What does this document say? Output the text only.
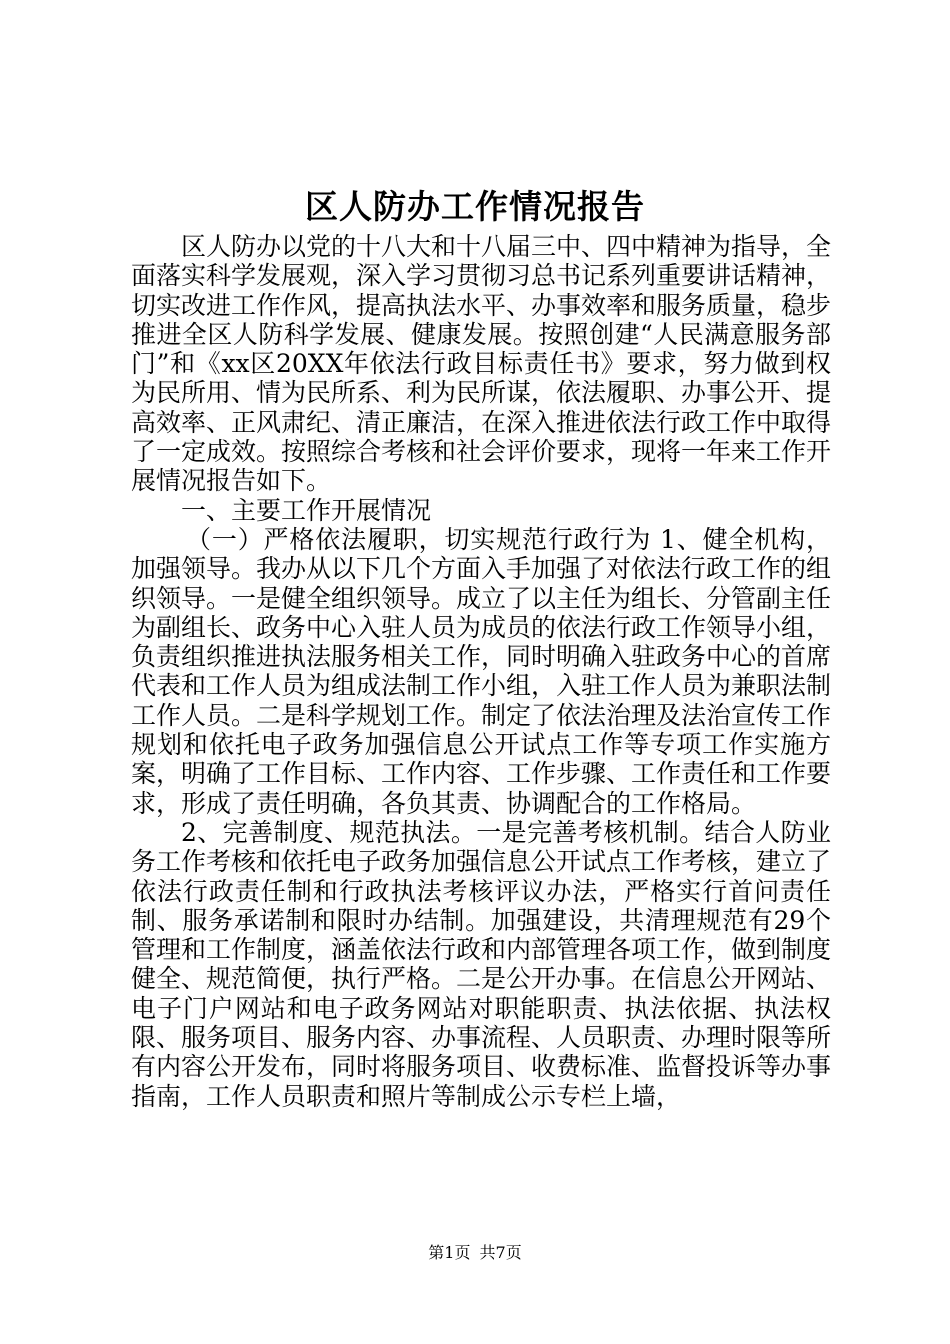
区人防办工作情况报告

区人防办以党的十八大和十八届三中、四中精神为指导，全面落实科学发展观，深入学习贯彻习总书记系列重要讲话精神，切实改进工作作风，提高执法水平、办事效率和服务质量，稳步推进全区人防科学发展、健康发展。按照创建“人民满意服务部门”和《xx区20XX年依法行政目标责任书》要求，努力做到权为民所用、情为民所系、利为民所谋，依法履职、办事公开、提高效率、正风肃纪、清正廉洁，在深入推进依法行政工作中取得了一定成效。按照综合考核和社会评价要求，现将一年来工作开展情况报告如下。

一、主要工作开展情况

（一）严格依法履职，切实规范行政行为 1、健全机构，加强领导。我办从以下几个方面入手加强了对依法行政工作的组织领导。一是健全组织领导。成立了以主任为组长、分管副主任为副组长、政务中心入驻人员为成员的依法行政工作领导小组，负责组织推进执法服务相关工作，同时明确入驻政务中心的首席代表和工作人员为组成法制工作小组，入驻工作人员为兼职法制工作人员。二是科学规划工作。制定了依法治理及法治宣传工作规划和依托电子政务加强信息公开试点工作等专项工作实施方案，明确了工作目标、工作内容、工作步骤、工作责任和工作要求，形成了责任明确，各负其责、协调配合的工作格局。

2、完善制度、规范执法。一是完善考核机制。结合人防业务工作考核和依托电子政务加强信息公开试点工作考核，建立了依法行政责任制和行政执法考核评议办法，严格实行首问责任制、服务承诺制和限时办结制。加强建设，共清理规范有29个管理和工作制度，涵盖依法行政和内部管理各项工作，做到制度健全、规范简便，执行严格。二是公开办事。在信息公开网站、电子门户网站和电子政务网站对职能职责、执法依据、执法权限、服务项目、服务内容、办事流程、人员职责、办理时限等所有内容公开发布，同时将服务项目、收费标准、监督投诉等办事指南，工作人员职责和照片等制成公示专栏上墙，

第1页 共7页
